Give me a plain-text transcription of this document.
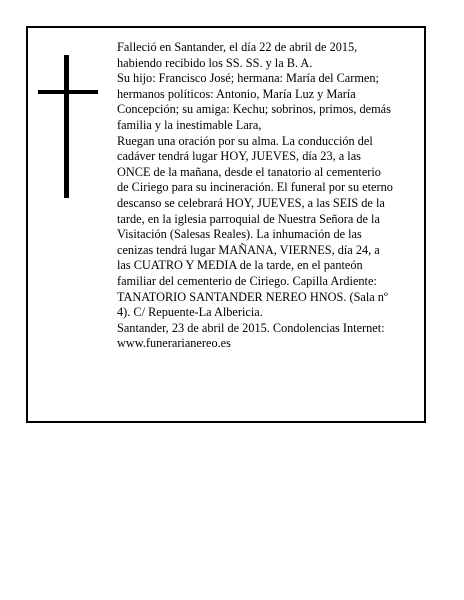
Falleció en Santander, el día 22 de abril de 2015,
habiendo recibido los SS. SS. y la B. A.
Su hijo: Francisco José; hermana: María del Carmen;
hermanos políticos: Antonio, María Luz y María
Concepción; su amiga: Kechu; sobrinos, primos, demás
familia y la inestimable Lara,
Ruegan una oración por su alma. La conducción del
cadáver tendrá lugar HOY, JUEVES, día 23, a las
ONCE de la mañana, desde el tanatorio al cementerio
de Ciriego para su incineración. El funeral por su eterno
descanso se celebrará HOY, JUEVES, a las SEIS de la
tarde, en la iglesia parroquial de Nuestra Señora de la
Visitación (Salesas Reales). La inhumación de las
cenizas tendrá lugar MAÑANA, VIERNES, día 24, a
las CUATRO Y MEDIA de la tarde, en el panteón
familiar del cementerio de Ciriego. Capilla Ardiente:
TANATORIO SANTANDER NEREO HNOS. (Sala nº
4). C/ Repuente-La Albericia.
Santander, 23 de abril de 2015. Condolencias Internet:
www.funerarianereo.es
